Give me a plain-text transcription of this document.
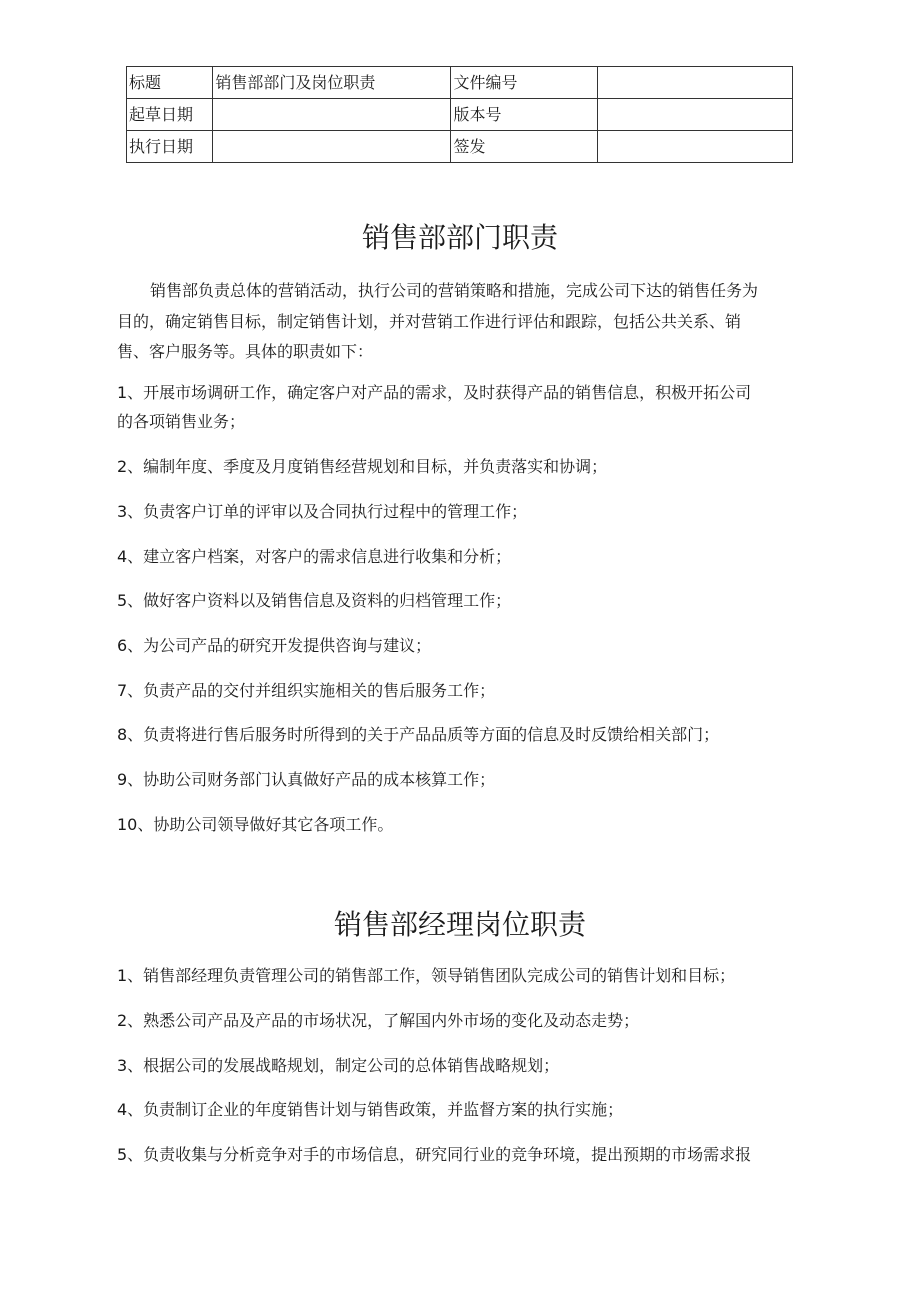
标题	销售部部门及岗位职责	文件编号	
起草日期		版本号	
执行日期		签发	
销售部部门职责

销售部负责总体的营销活动，执行公司的营销策略和措施，完成公司下达的销售任务为

目的，确定销售目标，制定销售计划，并对营销工作进行评估和跟踪，包括公共关系、销

售、客户服务等。具体的职责如下：

1、开展市场调研工作，确定客户对产品的需求，及时获得产品的销售信息，积极开拓公司

的各项销售业务；

2、编制年度、季度及月度销售经营规划和目标，并负责落实和协调；

3、负责客户订单的评审以及合同执行过程中的管理工作；

4、建立客户档案，对客户的需求信息进行收集和分析；

5、做好客户资料以及销售信息及资料的归档管理工作；

6、为公司产品的研究开发提供咨询与建议；

7、负责产品的交付并组织实施相关的售后服务工作；

8、负责将进行售后服务时所得到的关于产品品质等方面的信息及时反馈给相关部门；

9、协助公司财务部门认真做好产品的成本核算工作；

10、协助公司领导做好其它各项工作。

销售部经理岗位职责

1、销售部经理负责管理公司的销售部工作，领导销售团队完成公司的销售计划和目标；

2、熟悉公司产品及产品的市场状况，了解国内外市场的变化及动态走势；

3、根据公司的发展战略规划，制定公司的总体销售战略规划；

4、负责制订企业的年度销售计划与销售政策，并监督方案的执行实施；

5、负责收集与分析竞争对手的市场信息，研究同行业的竞争环境，提出预期的市场需求报
